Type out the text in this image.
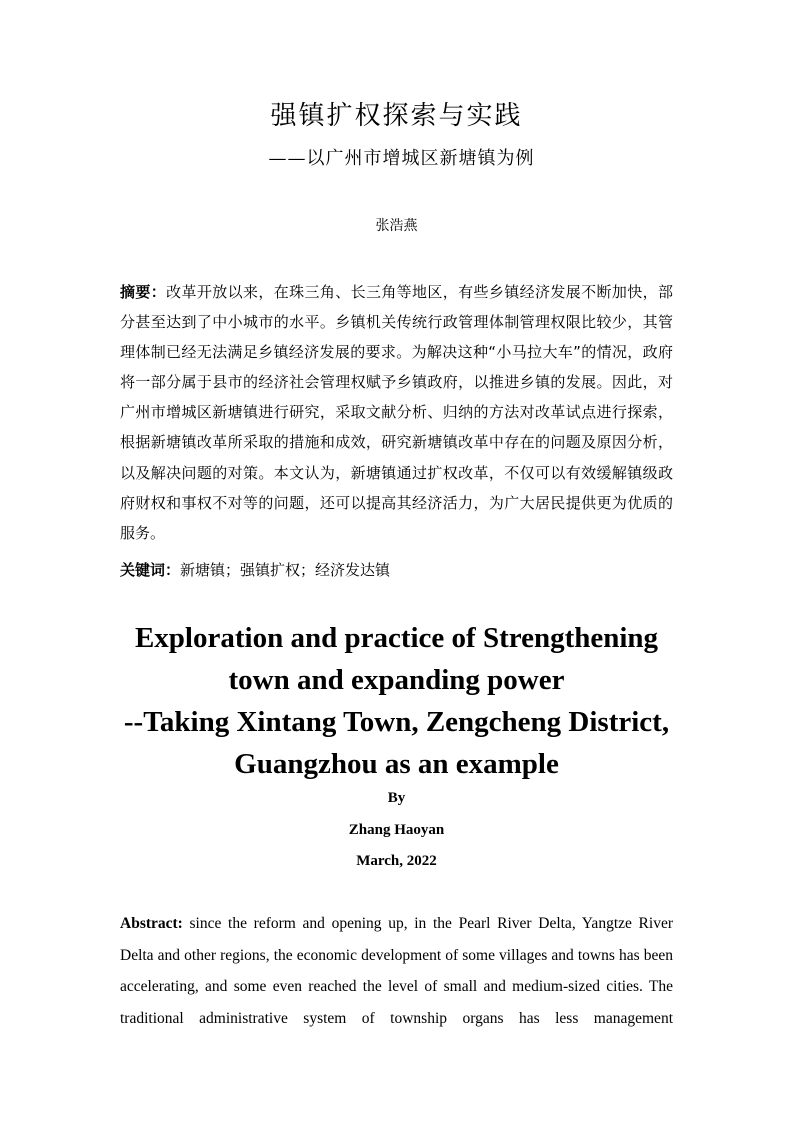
强镇扩权探索与实践
——以广州市增城区新塘镇为例
张浩燕

摘要：改革开放以来，在珠三角、长三角等地区，有些乡镇经济发展不断加快，部分甚至达到了中小城市的水平。乡镇机关传统行政管理体制管理权限比较少，其管理体制已经无法满足乡镇经济发展的要求。为解决这种“小马拉大车”的情况，政府将一部分属于县市的经济社会管理权赋予乡镇政府，以推进乡镇的发展。因此，对广州市增城区新塘镇进行研究，采取文献分析、归纳的方法对改革试点进行探索，根据新塘镇改革所采取的措施和成效，研究新塘镇改革中存在的问题及原因分析，以及解决问题的对策。本文认为，新塘镇通过扩权改革，不仅可以有效缓解镇级政府财权和事权不对等的问题，还可以提高其经济活力，为广大居民提供更为优质的服务。

关键词：新塘镇；强镇扩权；经济发达镇

Exploration and practice of Strengthening
town and expanding power
--Taking Xintang Town, Zengcheng District,
Guangzhou as an example
By
Zhang Haoyan
March, 2022

Abstract: since the reform and opening up, in the Pearl River Delta, Yangtze River Delta and other regions, the economic development of some villages and towns has been accelerating, and some even reached the level of small and medium-sized cities. The traditional administrative system of township organs has less management
